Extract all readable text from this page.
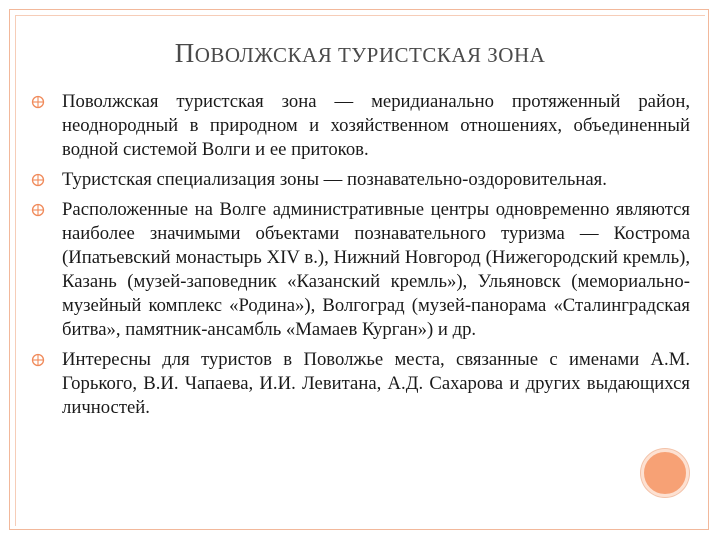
ПОВОЛЖСКАЯ ТУРИСТСКАЯ ЗОНА
Поволжская туристская зона — меридианально протяженный район, неоднородный в природном и хозяйственном отношениях, объединенный водной системой Волги и ее притоков.
Туристская специализация зоны — познавательно-оздоровительная.
Расположенные на Волге административные центры одновременно являются наиболее значимыми объектами познавательного туризма — Кострома (Ипатьевский монастырь XIV в.), Нижний Новгород (Нижегородский кремль), Казань (музей-заповедник «Казанский кремль»), Ульяновск (мемориально-музейный комплекс «Родина»), Волгоград (музей-панорама «Сталинградская битва», памятник-ансамбль «Мамаев Курган») и др.
Интересны для туристов в Поволжье места, связанные с именами А.М. Горького, В.И. Чапаева, И.И. Левитана, А.Д. Сахарова и других выдающихся личностей.
